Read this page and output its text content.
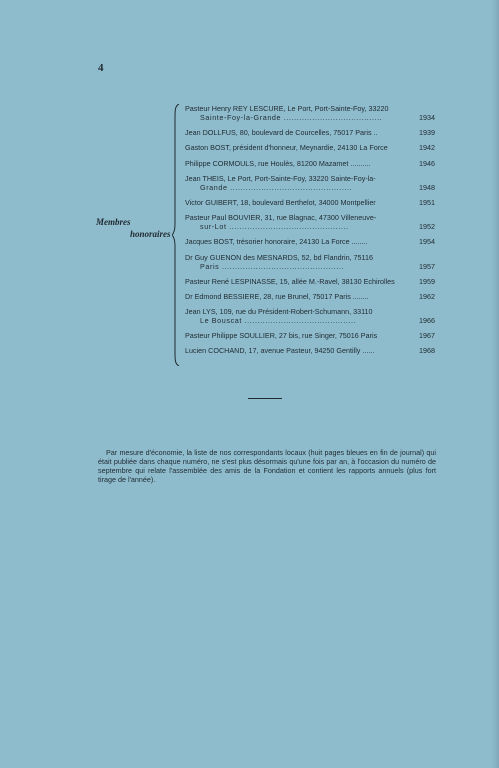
4
Membres
honoraires
Pasteur Henry REY LESCURE, Le Port, Port-Sainte-Foy, 33220
Sainte-Foy-la-Grande ......................................	1934
Jean DOLLFUS, 80, boulevard de Courcelles, 75017 Paris ..	1939
Gaston BOST, président d'honneur, Meynardie, 24130 La Force	1942
Philippe CORMOULS, rue Houlès, 81200 Mazamet ..........	1946
Jean THEIS, Le Port, Port-Sainte-Foy, 33220 Sainte-Foy-la-
Grande ...............................................	1948
Victor GUIBERT, 18, boulevard Berthelot, 34000 Montpellier	1951
Pasteur Paul BOUVIER, 31, rue Blagnac, 47300 Villeneuve-
sur-Lot ..............................................	1952
Jacques BOST, trésorier honoraire, 24130 La Force ........	1954
Dr Guy GUENON des MESNARDS, 52, bd Flandrin, 75116
Paris ...............................................	1957
Pasteur René LESPINASSE, 15, allée M.-Ravel, 38130 Echirolles	1959
Dr Edmond BESSIERE, 28, rue Brunel, 75017 Paris ........	1962
Jean LYS, 109, rue du Président-Robert-Schumann, 33110
Le Bouscat ...........................................	1966
Pasteur Philippe SOULLIER, 27 bis, rue Singer, 75016 Paris	1967
Lucien COCHAND, 17, avenue Pasteur, 94250 Gentilly ......	1968
Par mesure d'économie, la liste de nos correspondants locaux (huit pages bleues en fin de journal) qui était publiée dans chaque numéro, ne s'est plus désormais qu'une fois par an, à l'occasion du numéro de septembre qui relate l'assemblée des amis de la Fondation et contient les rapports annuels (plus fort tirage de l'année).
